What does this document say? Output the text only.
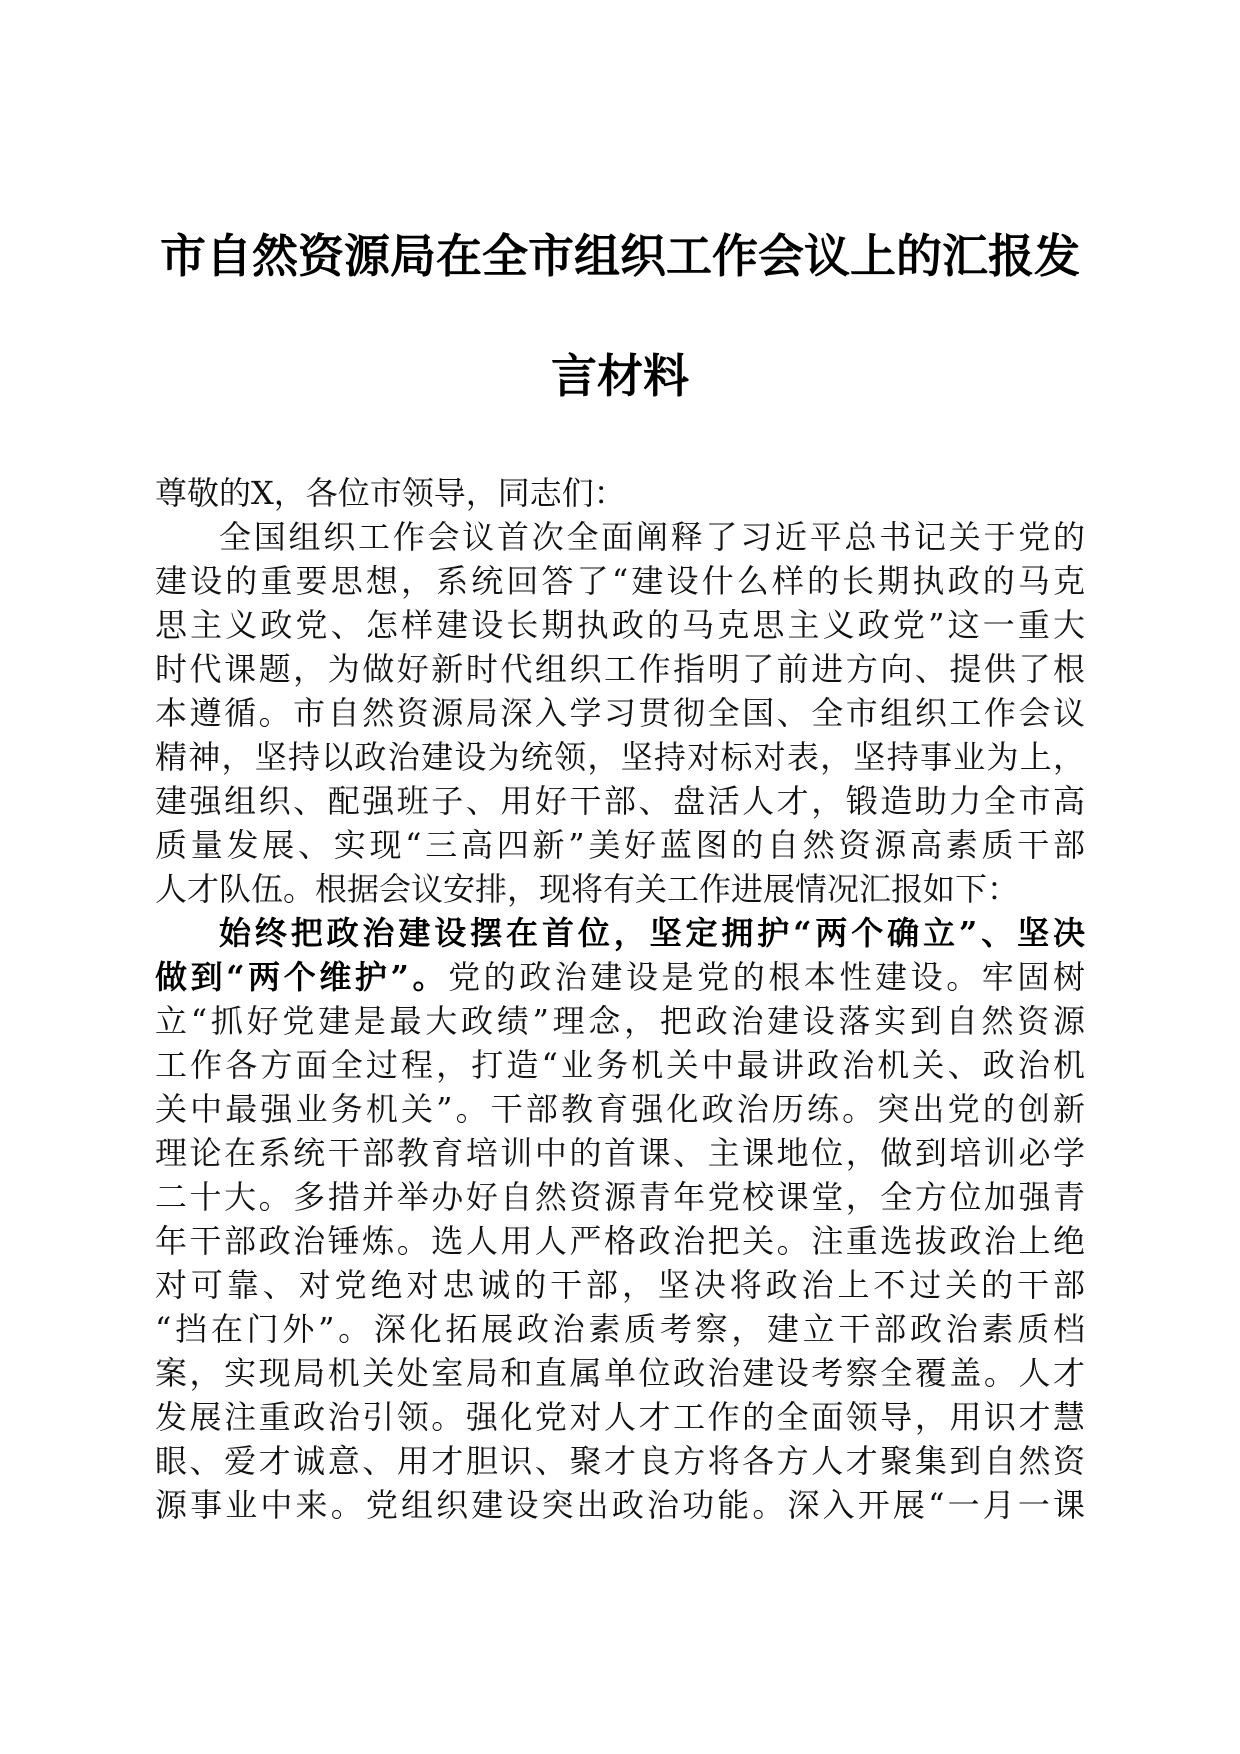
市自然资源局在全市组织工作会议上的汇报发
言材料

尊敬的X，各位市领导，同志们：

全国组织工作会议首次全面阐释了习近平总书记关于党的

建设的重要思想，系统回答了“建设什么样的长期执政的马克

思主义政党、怎样建设长期执政的马克思主义政党”这一重大

时代课题，为做好新时代组织工作指明了前进方向、提供了根

本遵循。市自然资源局深入学习贯彻全国、全市组织工作会议

精神，坚持以政治建设为统领，坚持对标对表，坚持事业为上，

建强组织、配强班子、用好干部、盘活人才，锻造助力全市高

质量发展、实现“三高四新”美好蓝图的自然资源高素质干部

人才队伍。根据会议安排，现将有关工作进展情况汇报如下：

始终把政治建设摆在首位，坚定拥护“两个确立”、坚决

做到“两个维护”。党的政治建设是党的根本性建设。牢固树

立“抓好党建是最大政绩”理念，把政治建设落实到自然资源

工作各方面全过程，打造“业务机关中最讲政治机关、政治机

关中最强业务机关”。干部教育强化政治历练。突出党的创新

理论在系统干部教育培训中的首课、主课地位，做到培训必学

二十大。多措并举办好自然资源青年党校课堂，全方位加强青

年干部政治锤炼。选人用人严格政治把关。注重选拔政治上绝

对可靠、对党绝对忠诚的干部，坚决将政治上不过关的干部

“挡在门外”。深化拓展政治素质考察，建立干部政治素质档

案，实现局机关处室局和直属单位政治建设考察全覆盖。人才

发展注重政治引领。强化党对人才工作的全面领导，用识才慧

眼、爱才诚意、用才胆识、聚才良方将各方人才聚集到自然资

源事业中来。党组织建设突出政治功能。深入开展“一月一课
